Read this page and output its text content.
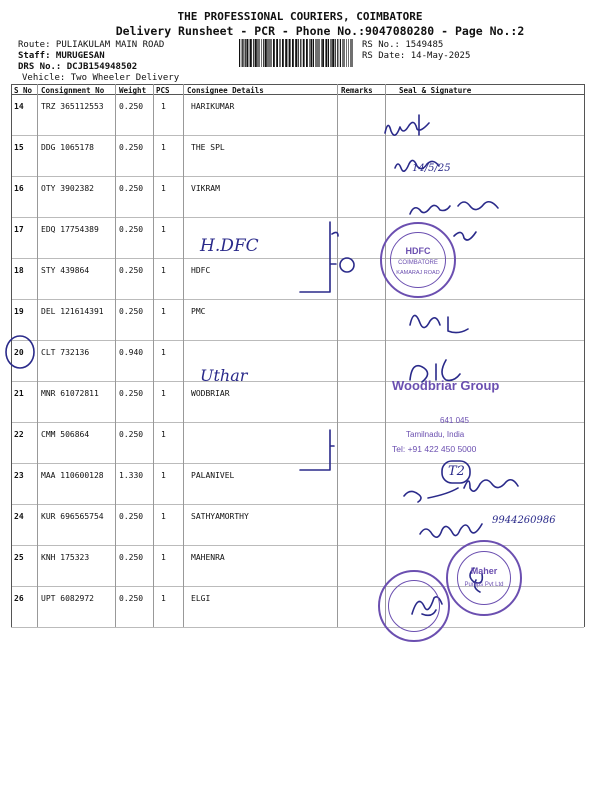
THE PROFESSIONAL COURIERS, COIMBATORE
Delivery Runsheet - PCR - Phone No.:9047080280 - Page No.:2
Route: PULIAKULAM MAIN ROAD
Staff: MURUGESAN
DRS No.: DCJB154948502
Vehicle: Two Wheeler Delivery
RS No.: 1549485
RS Date: 14-May-2025
S No Consignment No Weight PCS Consignee Details	Remarks	Seal & Signature
14 TRZ 365112553 0.250 1	HARIKUMAR
15 DDG 1065178	0.250 1	THE SPL
16 OTY 3902382	0.250 1	VIKRAM
17 EDQ 17754389	0.250 1
18 STY 439864	0.250 1	HDFC
19 DEL 121614391 0.250 1	PMC
20 CLT 732136	0.940 1
21 MNR 61072811	0.250 1	WODBRIAR
22 CMM 506864	0.250 1
23 MAA 110600128 1.330 1	PALANIVEL
24 KUR 696565754 0.250 1	SATHYAMORTHY
25 KNH 175323	0.250 1	MAHENRA
26 UPT 6082972	0.250 1	ELGI
H.DFC
Uthar
14/5/25
9944260986
T2
Woodbriar Group
641 045
Tamilnadu, India
Tel: +91 422 450 5000
HDFC
COIMBATORE
KAMARAJ ROAD
Maher
Pumps Pvt Ltd
